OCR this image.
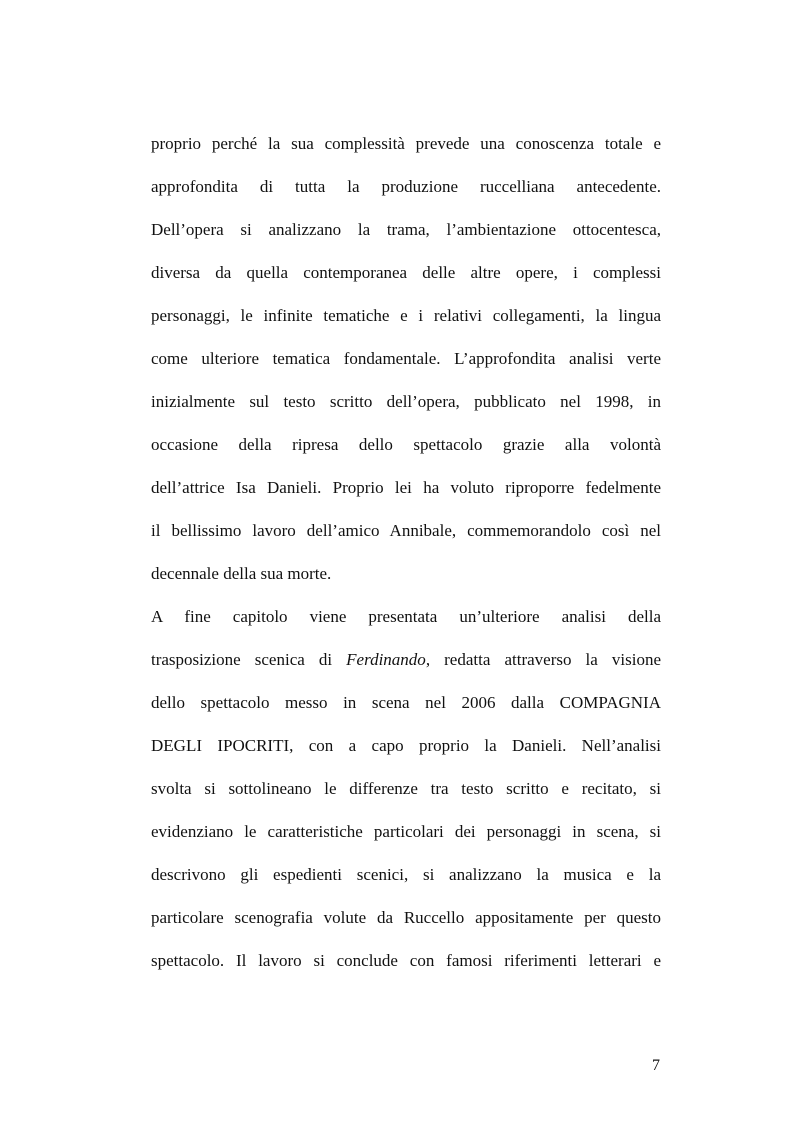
proprio perché la sua complessità prevede una conoscenza totale e
approfondita di tutta la produzione ruccelliana antecedente.
Dell’opera si analizzano la trama, l’ambientazione ottocentesca,
diversa da quella contemporanea delle altre opere, i complessi
personaggi, le infinite tematiche e i relativi collegamenti, la lingua
come ulteriore tematica fondamentale. L’approfondita analisi verte
inizialmente sul testo scritto dell’opera, pubblicato nel 1998, in
occasione della ripresa dello spettacolo grazie alla volontà
dell’attrice Isa Danieli. Proprio lei ha voluto riproporre fedelmente
il bellissimo lavoro dell’amico Annibale, commemorandolo così nel
decennale della sua morte.
A fine capitolo viene presentata un’ulteriore analisi della
trasposizione scenica di Ferdinando, redatta attraverso la visione
dello spettacolo messo in scena nel 2006 dalla COMPAGNIA
DEGLI IPOCRITI, con a capo proprio la Danieli. Nell’analisi
svolta si sottolineano le differenze tra testo scritto e recitato, si
evidenziano le caratteristiche particolari dei personaggi in scena, si
descrivono gli espedienti scenici, si analizzano la musica e la
particolare scenografia volute da Ruccello appositamente per questo
spettacolo. Il lavoro si conclude con famosi riferimenti letterari e
7
